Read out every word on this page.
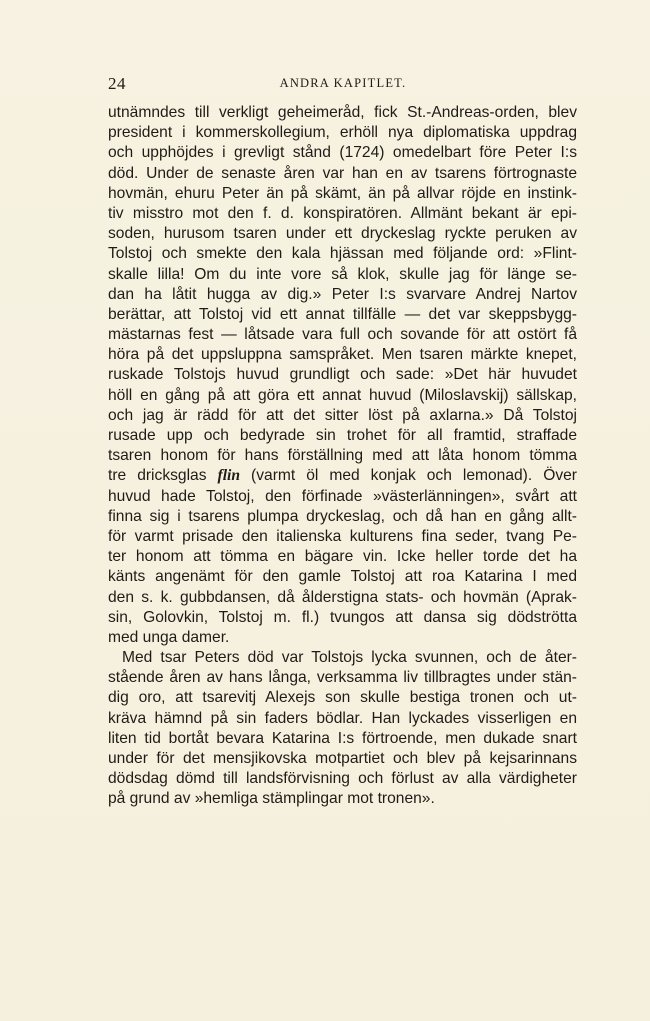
24	ANDRA KAPITLET.
utnämndes till verkligt geheimeråd, fick St.-Andreas-orden, blev
president i kommerskollegium, erhöll nya diplomatiska uppdrag
och upphöjdes i grevligt stånd (1724) omedelbart före Peter I:s
död. Under de senaste åren var han en av tsarens förtrognaste
hovmän, ehuru Peter än på skämt, än på allvar röjde en instink-
tiv misstro mot den f. d. konspiratören. Allmänt bekant är epi-
soden, hurusom tsaren under ett dryckeslag ryckte peruken av
Tolstoj och smekte den kala hjässan med följande ord: »Flint-
skalle lilla! Om du inte vore så klok, skulle jag för länge se-
dan ha låtit hugga av dig.» Peter I:s svarvare Andrej Nartov
berättar, att Tolstoj vid ett annat tillfälle — det var skeppsbygg-
mästarnas fest — låtsade vara full och sovande för att ostört få
höra på det uppsluppna samspråket. Men tsaren märkte knepet,
ruskade Tolstojs huvud grundligt och sade: »Det här huvudet
höll en gång på att göra ett annat huvud (Miloslavskij) sällskap,
och jag är rädd för att det sitter löst på axlarna.» Då Tolstoj
rusade upp och bedyrade sin trohet för all framtid, straffade
tsaren honom för hans förställning med att låta honom tömma
tre dricksglas flin (varmt öl med konjak och lemonad). Över
huvud hade Tolstoj, den förfinade »västerlänningen», svårt att
finna sig i tsarens plumpa dryckeslag, och då han en gång allt-
för varmt prisade den italienska kulturens fina seder, tvang Pe-
ter honom att tömma en bägare vin. Icke heller torde det ha
känts angenämt för den gamle Tolstoj att roa Katarina I med
den s. k. gubbdansen, då ålderstigna stats- och hovmän (Aprak-
sin, Golovkin, Tolstoj m. fl.) tvungos att dansa sig dödströtta
med unga damer.
Med tsar Peters död var Tolstojs lycka svunnen, och de åter-
stående åren av hans långa, verksamma liv tillbragtes under stän-
dig oro, att tsarevitj Alexejs son skulle bestiga tronen och ut-
kräva hämnd på sin faders bödlar. Han lyckades visserligen en
liten tid bortåt bevara Katarina I:s förtroende, men dukade snart
under för det mensjikovska motpartiet och blev på kejsarinnans
dödsdag dömd till landsförvisning och förlust av alla värdigheter
på grund av »hemliga stämplingar mot tronen».
